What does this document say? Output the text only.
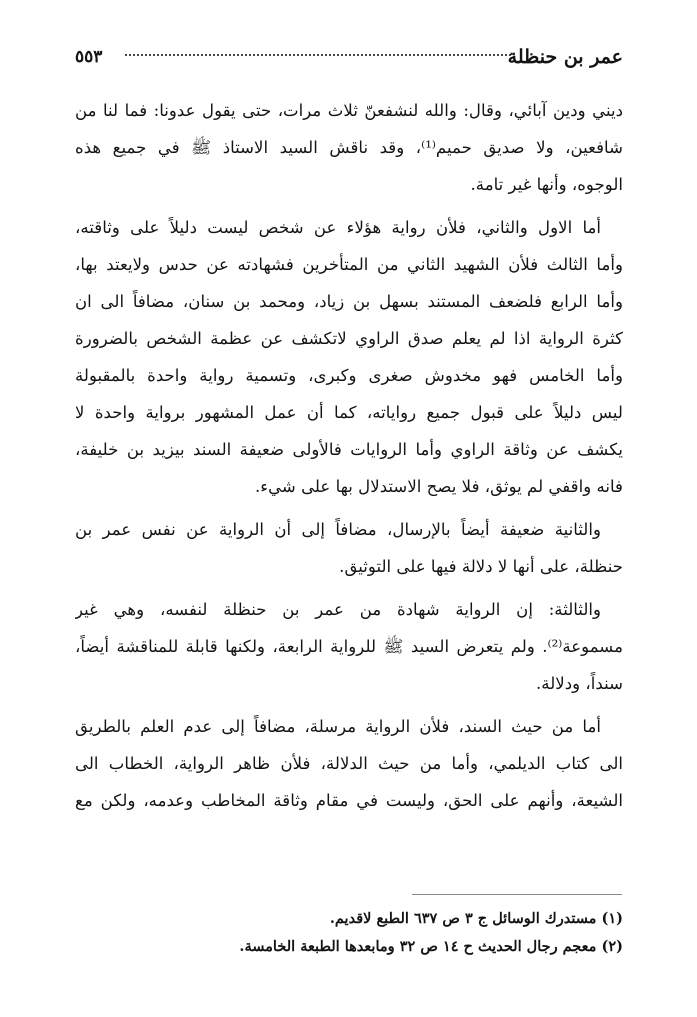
عمر بن حنظلة
٥٥٣
ديني ودين آبائي، وقال: والله لنشفعنّ ثلاث مرات، حتى يقول عدونا: فما لنا من
شافعين، ولا صديق حميم⁽¹⁾، وقد ناقش السيد الاستاذ ﷺ في جميع هذه
الوجوه، وأنها غير تامة.
أما الاول والثاني، فلأن رواية هؤلاء عن شخص ليست دليلاً على وثاقته،
وأما الثالث فلأن الشهيد الثاني من المتأخرين فشهادته عن حدس ولايعتد بها،
وأما الرابع فلضعف المستند بسهل بن زياد، ومحمد بن سنان، مضافاً الى ان
كثرة الرواية اذا لم يعلم صدق الراوي لاتكشف عن عظمة الشخص بالضرورة
وأما الخامس فهو مخدوش صغرى وكبرى، وتسمية رواية واحدة بالمقبولة
ليس دليلاً على قبول جميع رواياته، كما أن عمل المشهور برواية واحدة لا
يكشف عن وثاقة الراوي وأما الروايات فالأولى ضعيفة السند بيزيد بن خليفة،
فانه واقفي لم يوثق، فلا يصح الاستدلال بها على شيء.
والثانية ضعيفة أيضاً بالإرسال، مضافاً إلى أن الرواية عن نفس عمر بن
حنظلة، على أنها لا دلالة فيها على التوثيق.
والثالثة: إن الرواية شهادة من عمر بن حنظلة لنفسه، وهي غير
مسموعة⁽²⁾. ولم يتعرض السيد ﷺ للرواية الرابعة، ولكنها قابلة للمناقشة أيضاً،
سنداً، ودلالة.
أما من حيث السند، فلأن الرواية مرسلة، مضافاً إلى عدم العلم بالطريق
الى كتاب الديلمي، وأما من حيث الدلالة، فلأن ظاهر الرواية، الخطاب الى
الشيعة، وأنهم على الحق، وليست في مقام وثاقة المخاطب وعدمه، ولكن مع
(١) مستدرك الوسائل ج ٣ ص ٦٣٧ الطبع لاقديم.
(٢) معجم رجال الحديث ح ١٤ ص ٣٢ ومابعدها الطبعة الخامسة.
